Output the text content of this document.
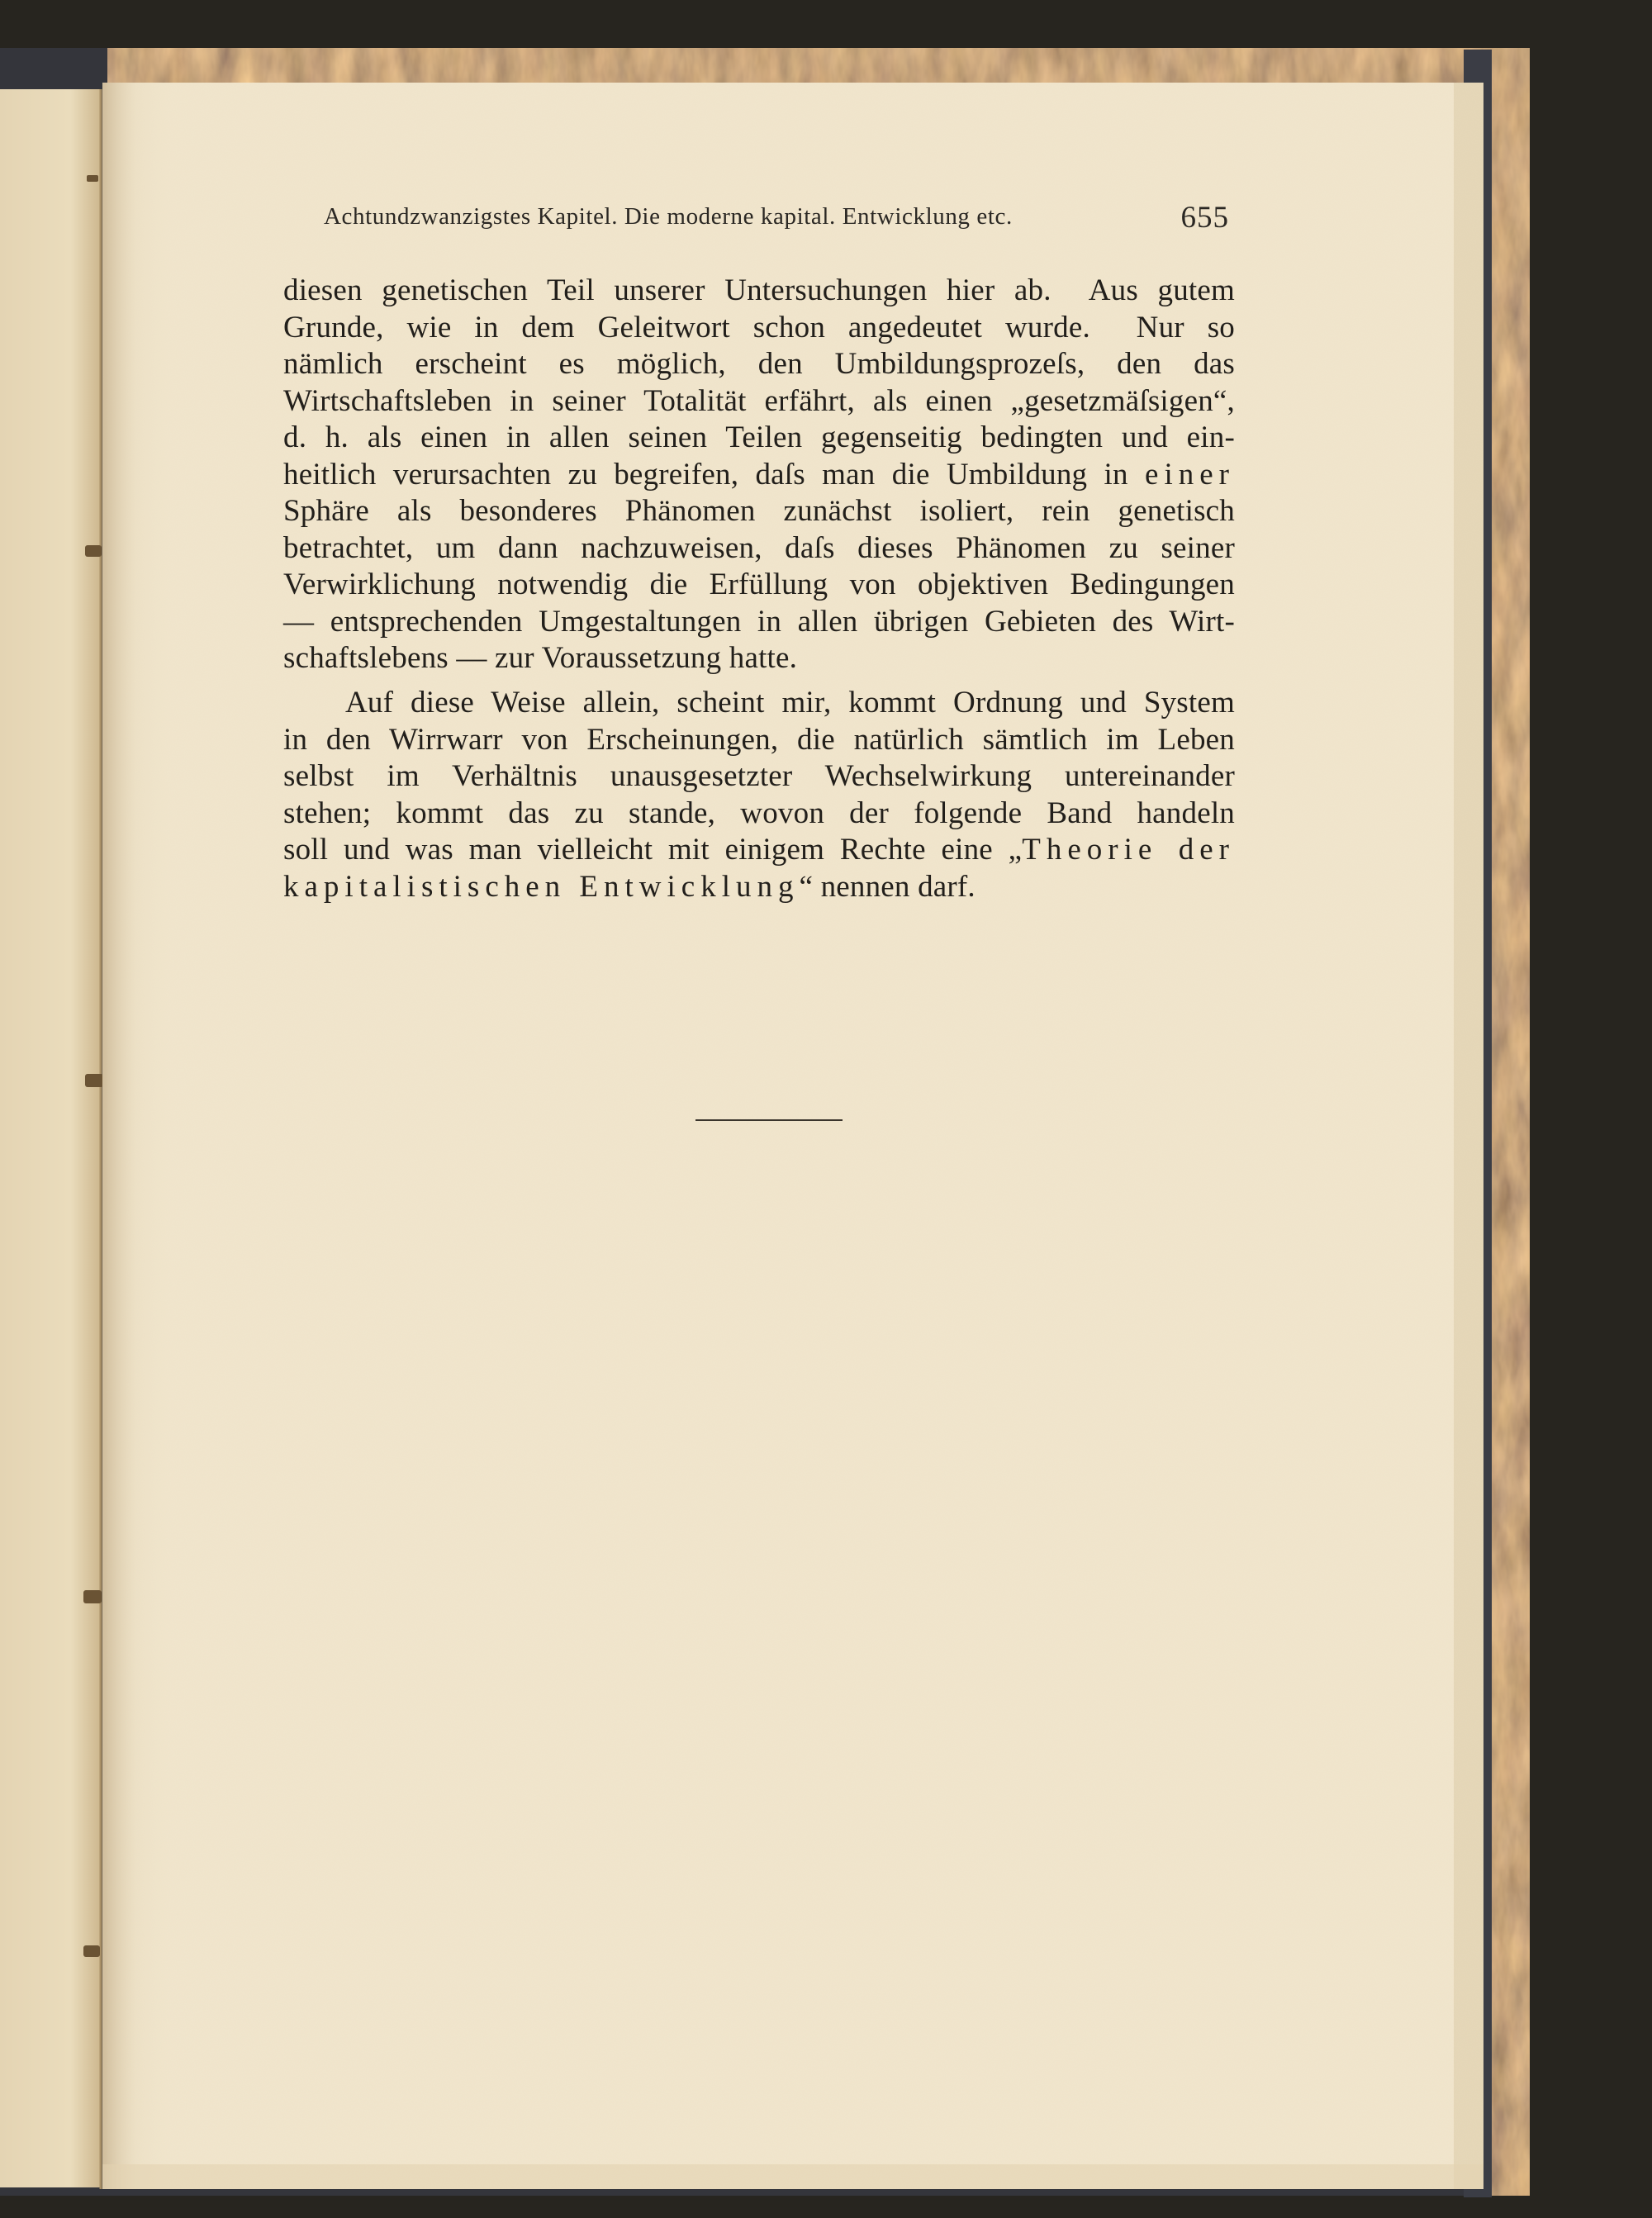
Achtundzwanzigstes Kapitel. Die moderne kapital. Entwicklung etc.	655
diesen genetischen Teil unserer Untersuchungen hier ab.  Aus gutem
Grunde, wie in dem Geleitwort schon angedeutet wurde.  Nur so
nämlich erscheint es möglich, den Umbildungsprozeſs, den das
Wirtschaftsleben in seiner Totalität erfährt, als einen „gesetzmäſsigen“,
d. h. als einen in allen seinen Teilen gegenseitig bedingten und ein-
heitlich verursachten zu begreifen, daſs man die Umbildung in einer
Sphäre als besonderes Phänomen zunächst isoliert, rein genetisch
betrachtet, um dann nachzuweisen, daſs dieses Phänomen zu seiner
Verwirklichung notwendig die Erfüllung von objektiven Bedingungen
— entsprechenden Umgestaltungen in allen übrigen Gebieten des Wirt-
schaftslebens — zur Voraussetzung hatte.
Auf diese Weise allein, scheint mir, kommt Ordnung und System
in den Wirrwarr von Erscheinungen, die natürlich sämtlich im Leben
selbst im Verhältnis unausgesetzter Wechselwirkung untereinander
stehen; kommt das zu stande, wovon der folgende Band handeln
soll und was man vielleicht mit einigem Rechte eine „Theorie der
kapitalistischen Entwicklung“ nennen darf.
